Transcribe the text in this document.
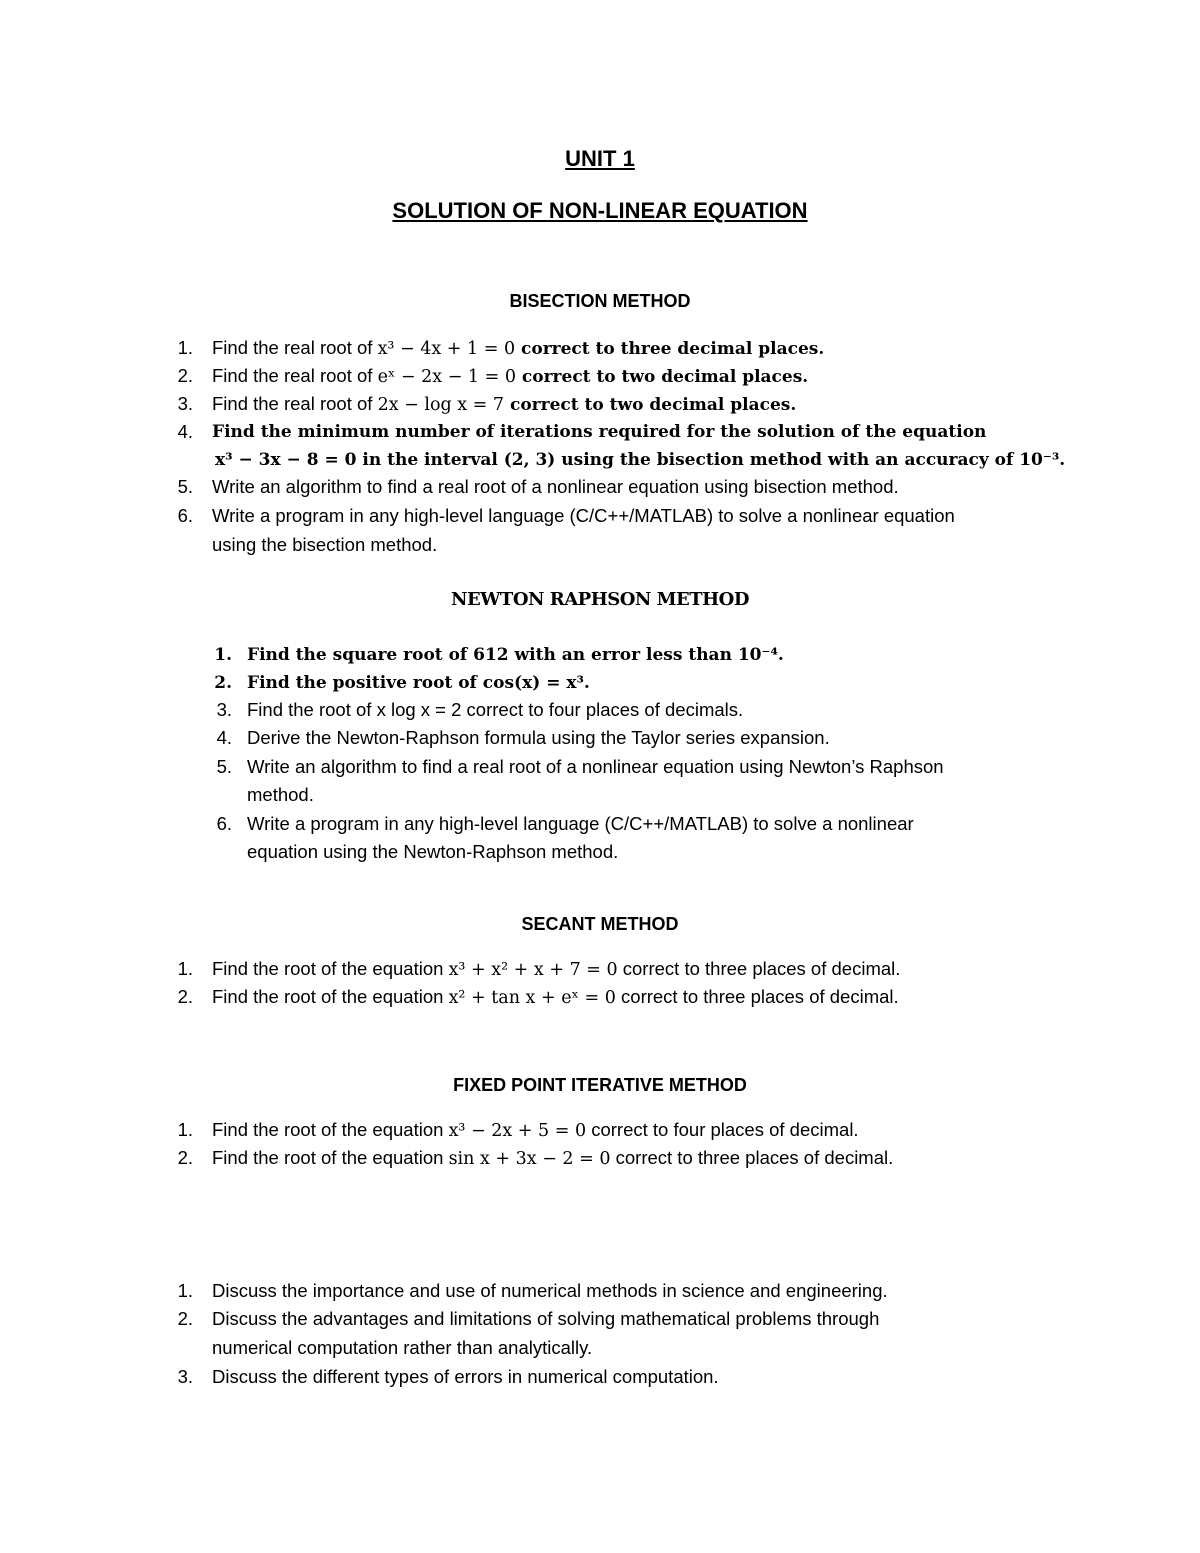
UNIT 1
SOLUTION OF NON-LINEAR EQUATION
BISECTION METHOD
1. Find the real root of x³ − 4x + 1 = 0 correct to three decimal places.
2. Find the real root of eˣ − 2x − 1 = 0 correct to two decimal places.
3. Find the real root of 2x − log x = 7 correct to two decimal places.
4. Find the minimum number of iterations required for the solution of the equation
x³ − 3x − 8 = 0 in the interval (2, 3) using the bisection method with an accuracy of 10⁻³.
5. Write an algorithm to find a real root of a nonlinear equation using bisection method.
6. Write a program in any high-level language (C/C++/MATLAB) to solve a nonlinear equation
using the bisection method.
NEWTON RAPHSON METHOD
1. Find the square root of 612 with an error less than 10⁻⁴.
2. Find the positive root of cos(x) = x³.
3. Find the root of x log x = 2 correct to four places of decimals.
4. Derive the Newton-Raphson formula using the Taylor series expansion.
5. Write an algorithm to find a real root of a nonlinear equation using Newton’s Raphson
method.
6. Write a program in any high-level language (C/C++/MATLAB) to solve a nonlinear
equation using the Newton-Raphson method.
SECANT METHOD
1. Find the root of the equation x³ + x² + x + 7 = 0 correct to three places of decimal.
2. Find the root of the equation x² + tan x + eˣ = 0 correct to three places of decimal.
FIXED POINT ITERATIVE METHOD
1. Find the root of the equation x³ − 2x + 5 = 0 correct to four places of decimal.
2. Find the root of the equation sin x + 3x − 2 = 0 correct to three places of decimal.
1. Discuss the importance and use of numerical methods in science and engineering.
2. Discuss the advantages and limitations of solving mathematical problems through
numerical computation rather than analytically.
3. Discuss the different types of errors in numerical computation.
